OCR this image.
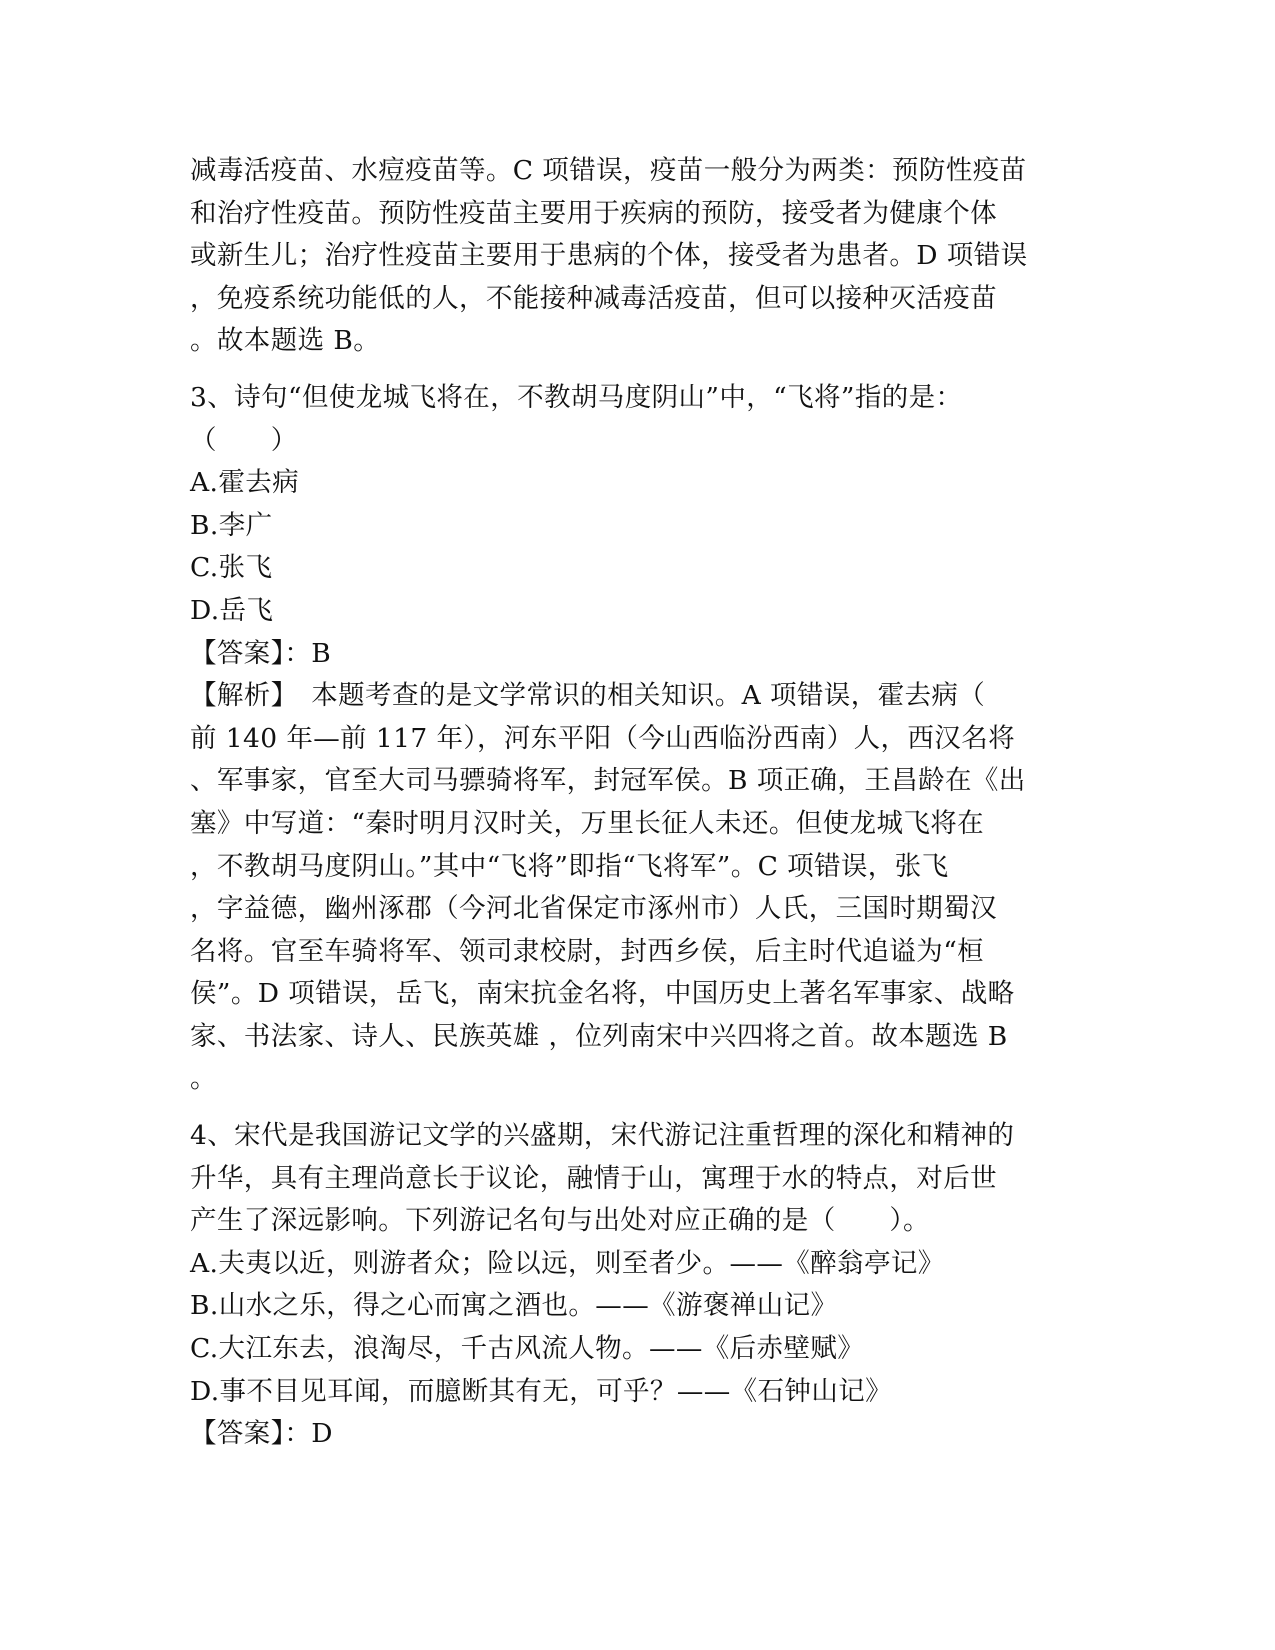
减毒活疫苗、水痘疫苗等。C 项错误，疫苗一般分为两类：预防性疫苗
和治疗性疫苗。预防性疫苗主要用于疾病的预防，接受者为健康个体
或新生儿；治疗性疫苗主要用于患病的个体，接受者为患者。D 项错误
，免疫系统功能低的人，不能接种减毒活疫苗，但可以接种灭活疫苗
。故本题选 B。
3、诗句“但使龙城飞将在，不教胡马度阴山”中，“飞将”指的是：
（　　）
A.霍去病
B.李广
C.张飞
D.岳飞
【答案】：B
【解析】　本题考查的是文学常识的相关知识。A 项错误，霍去病（
前 140 年—前 117 年），河东平阳（今山西临汾西南）人，西汉名将
、军事家，官至大司马骠骑将军，封冠军侯。B 项正确，王昌龄在《出
塞》中写道：“秦时明月汉时关，万里长征人未还。但使龙城飞将在
，不教胡马度阴山。”其中“飞将”即指“飞将军”。C 项错误，张飞
，字益德，幽州涿郡（今河北省保定市涿州市）人氏，三国时期蜀汉
名将。官至车骑将军、领司隶校尉，封西乡侯，后主时代追谥为“桓
侯”。D 项错误，岳飞，南宋抗金名将，中国历史上著名军事家、战略
家、书法家、诗人、民族英雄 ，位列南宋中兴四将之首。故本题选 B
。
4、宋代是我国游记文学的兴盛期，宋代游记注重哲理的深化和精神的
升华，具有主理尚意长于议论，融情于山，寓理于水的特点，对后世
产生了深远影响。下列游记名句与出处对应正确的是（　　）。
A.夫夷以近，则游者众；险以远，则至者少。——《醉翁亭记》
B.山水之乐，得之心而寓之酒也。——《游褒禅山记》
C.大江东去，浪淘尽，千古风流人物。——《后赤壁赋》
D.事不目见耳闻，而臆断其有无，可乎？——《石钟山记》
【答案】：D
